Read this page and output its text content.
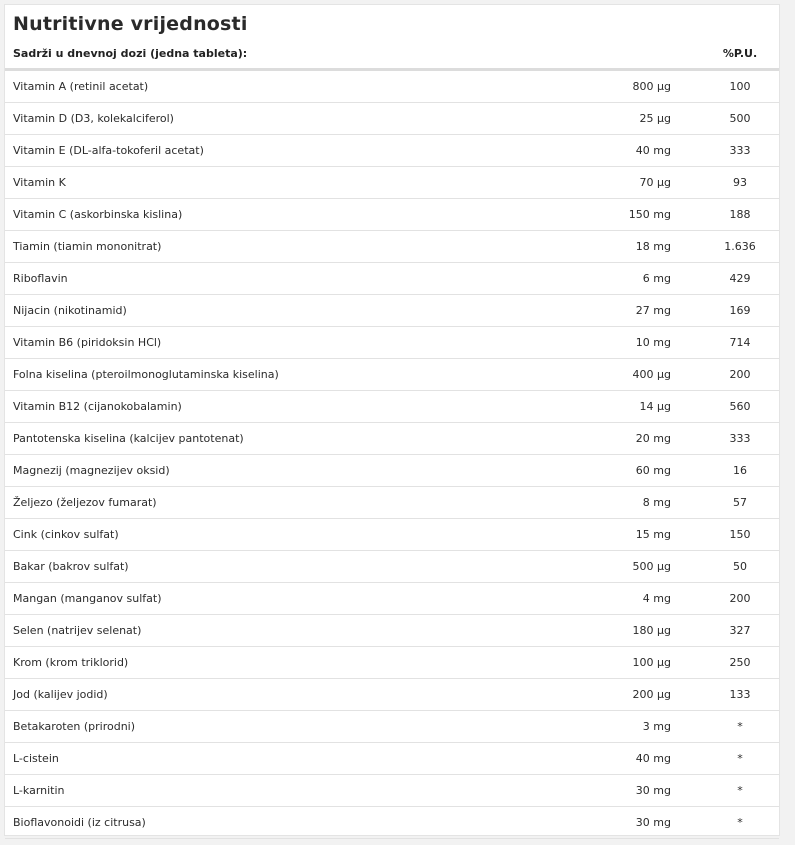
Nutritivne vrijednosti
Sadrži u dnevnoj dozi (jedna tableta):		%P.U.
Vitamin A (retinil acetat)	800 µg	100
Vitamin D (D3, kolekalciferol)	25 µg	500
Vitamin E (DL-alfa-tokoferil acetat)	40 mg	333
Vitamin K	70 µg	93
Vitamin C (askorbinska kislina)	150 mg	188
Tiamin (tiamin mononitrat)	18 mg	1.636
Riboflavin	6 mg	429
Nijacin (nikotinamid)	27 mg	169
Vitamin B6 (piridoksin HCl)	10 mg	714
Folna kiselina (pteroilmonoglutaminska kiselina)	400 µg	200
Vitamin B12 (cijanokobalamin)	14 µg	560
Pantotenska kiselina (kalcijev pantotenat)	20 mg	333
Magnezij (magnezijev oksid)	60 mg	16
Željezo (željezov fumarat)	8 mg	57
Cink (cinkov sulfat)	15 mg	150
Bakar (bakrov sulfat)	500 µg	50
Mangan (manganov sulfat)	4 mg	200
Selen (natrijev selenat)	180 µg	327
Krom (krom triklorid)	100 µg	250
Jod (kalijev jodid)	200 µg	133
Betakaroten (prirodni)	3 mg	*
L-cistein	40 mg	*
L-karnitin	30 mg	*
Bioflavonoidi (iz citrusa)	30 mg	*
